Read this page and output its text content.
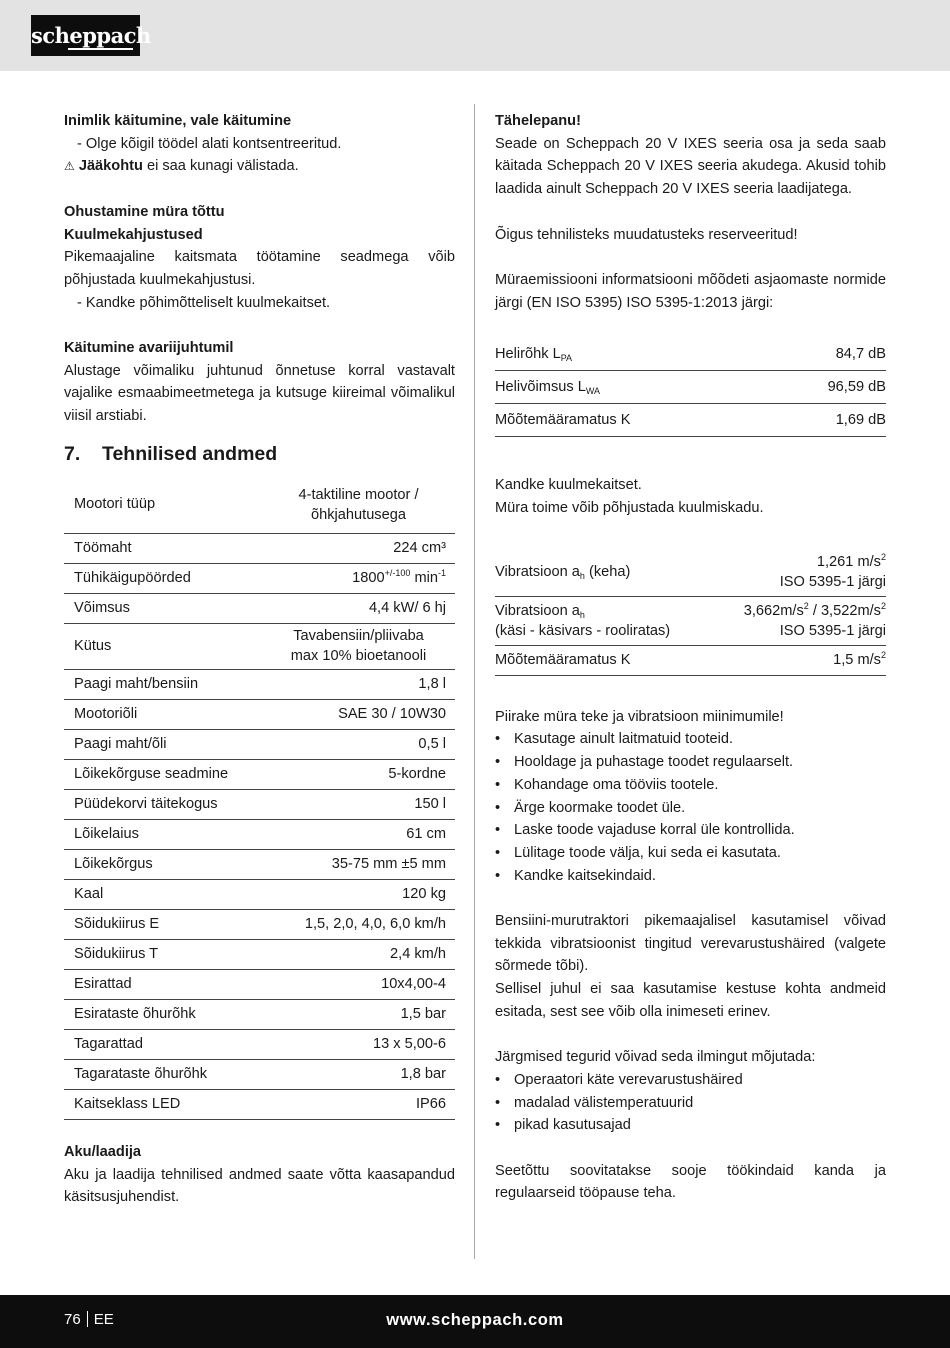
scheppach

Inimlik käitumine, vale käitumine

- Olge kõigil töödel alati kontsentreeritud.

⚠ Jääkohtu ei saa kunagi välistada.

Ohustamine müra tõttu

Kuulmekahjustused

Pikemaajaline kaitsmata töötamine seadmega võib põhjustada kuulmekahjustusi.

- Kandke põhimõtteliselt kuulmekaitset.

Käitumine avariijuhtumil

Alustage võimaliku juhtunud õnnetuse korral vastavalt vajalike esmaabimeetmetega ja kutsuge kiireimal võimalikul viisil arstiabi.

7. Tehnilised andmed
Mootori tüüp	4-taktiline mootor /
õhkjahutusega
Töömaht	224 cm³
Tühikäigupöörded	$1800^{+/-100}$ $\min^{-1}$
Võimsus	4,4 kW/ 6 hj
Kütus	Tavabensiin/pliivaba
max 10% bioetanooli
Paagi maht/bensiin	1,8 l
Mootoriõli	SAE 30 / 10W30
Paagi maht/õli	0,5 l
Lõikekõrguse seadmine	5-kordne
Püüdekorvi täitekogus	150 l
Lõikelaius	61 cm
Lõikekõrgus	35-75 mm ±5 mm
Kaal	120 kg
Sõidukiirus E	1,5, 2,0, 4,0, 6,0 km/h
Sõidukiirus T	2,4 km/h
Esirattad	10x4,00-4
Esirataste õhurõhk	1,5 bar
Tagarattad	13 x 5,00-6
Tagarataste õhurõhk	1,8 bar
Kaitseklass LED	IP66

Aku/laadija

Aku ja laadija tehnilised andmed saate võtta kaasapandud käsitsusjuhendist.

Tähelepanu!

Seade on Scheppach 20 V IXES seeria osa ja seda saab käitada Scheppach 20 V IXES seeria akudega. Akusid tohib laadida ainult Scheppach 20 V IXES seeria laadijatega.

Õigus tehnilisteks muudatusteks reserveeritud!

Müraemissiooni informatsiooni mõõdeti asjaomaste normide järgi (EN ISO 5395) ISO 5395-1:2013 järgi:

Helirõhk $L_{PA}$	84,7 dB
Helivõimsus $L_{WA}$	96,59 dB
Mõõtemääramatus K	1,69 dB

Kandke kuulmekaitset.

Müra toime võib põhjustada kuulmiskadu.

Vibratsioon $a_h$ (keha)	1,261 $m/s^2$
ISO 5395-1 järgi
Vibratsioon $a_h$
(käsi - käsivars - rooliratas)	$3,662m/s^2 / 3,522m/s^2$
ISO 5395-1 järgi
Mõõtemääramatus K	1,5 $m/s^2$

Piirake müra teke ja vibratsioon miinimumile!

• Kasutage ainult laitmatuid tooteid.
• Hooldage ja puhastage toodet regulaarselt.
• Kohandage oma tööviis tootele.
• Ärge koormake toodet üle.
• Laske toode vajaduse korral üle kontrollida.
• Lülitage toode välja, kui seda ei kasutata.
• Kandke kaitsekindaid.

Bensiini-murutraktori pikemaajalisel kasutamisel võivad tekkida vibratsioonist tingitud verevarustushäired (valgete sõrmede tõbi).

Sellisel juhul ei saa kasutamise kestuse kohta andmeid esitada, sest see võib olla inimeseti erinev.

Järgmised tegurid võivad seda ilmingut mõjutada:

• Operaatori käte verevarustushäired
• madalad välistemperatuurid
• pikad kasutusajad

Seetõttu soovitatakse sooje töökindaid kanda ja regulaarseid tööpause teha.

76 EE	www.scheppach.com
